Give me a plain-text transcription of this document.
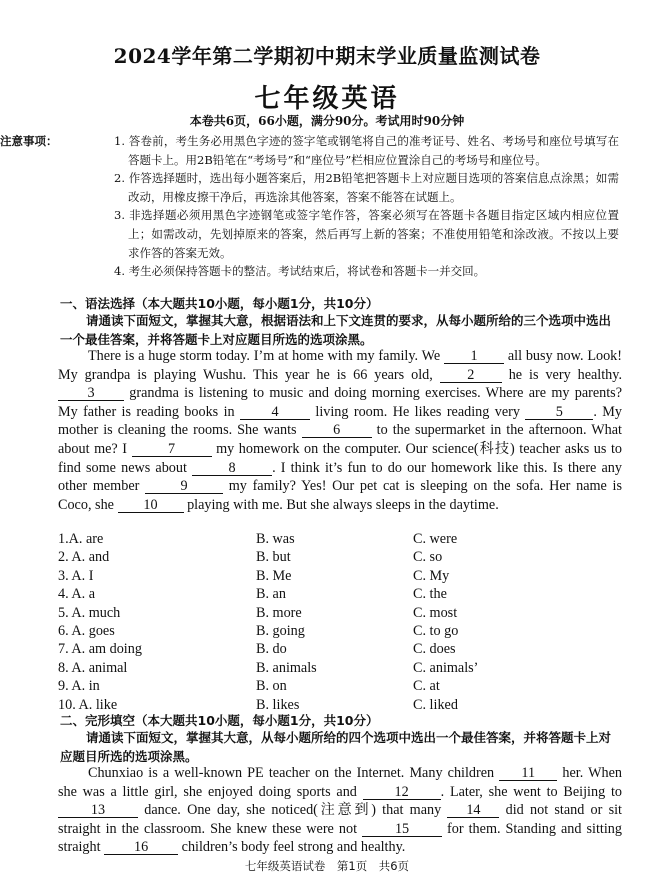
2024学年第二学期初中期末学业质量监测试卷
七年级英语
本卷共6页，66小题，满分90分。考试用时90分钟
注意事项：	1. 答卷前，考生务必用黑色字迹的签字笔或钢笔将自己的准考证号、姓名、考场号和座位号填写在答题卡上。用2B铅笔在“考场号”和“座位号”栏相应位置涂自己的考场号和座位号。
2. 作答选择题时，选出每小题答案后，用2B铅笔把答题卡上对应题目选项的答案信息点涂黑；如需改动，用橡皮擦干净后，再选涂其他答案，答案不能答在试题上。
3. 非选择题必须用黑色字迹钢笔或签字笔作答，答案必须写在答题卡各题目指定区域内相应位置上；如需改动，先划掉原来的答案，然后再写上新的答案；不准使用铅笔和涂改液。不按以上要求作答的答案无效。
4. 考生必须保持答题卡的整洁。考试结束后，将试卷和答题卡一并交回。
一、语法选择（本大题共10小题，每小题1分，共10分）
请通读下面短文，掌握其大意，根据语法和上下文连贯的要求，从每小题所给的三个选项中选出一个最佳答案，并将答题卡上对应题目所选的选项涂黑。

There is a huge storm today. I’m at home with my family. We 1 all busy now. Look! My grandpa is playing Wushu. This year he is 66 years old, 2 he is very healthy. 3 grandma is listening to music and doing morning exercises. Where are my parents? My father is reading books in 4 living room. He likes reading very 5 . My mother is cleaning the rooms. She wants 6 to the supermarket in the afternoon. What about me? I	7	my homework on the computer. Our science(科技) teacher asks us to find some news about	8	. I think it’s fun to do our homework like this. Is there any other member 9 my family? Yes! Our pet cat is sleeping on the sofa. Her name is Coco, she 10 playing with me. But she always sleeps in the daytime.

1.A. are	B. was	C. were
2. A. and	B. but	C. so
3. A. I	B. Me	C. My
4. A. a	B. an	C. the
5. A. much	B. more	C. most
6. A. goes	B. going	C. to go
7. A. am doing	B. do	C. does
8. A. animal	B. animals	C. animals’
9. A. in	B. on	C. at
10. A. like	B. likes	C. liked
二、完形填空（本大题共10小题，每小题1分，共10分）
请通读下面短文，掌握其大意，从每小题所给的四个选项中选出一个最佳答案，并将答题卡上对应题目所选的选项涂黑。

Chunxiao is a well-known PE teacher on the Internet. Many children 11 her. When she was a little girl, she enjoyed doing sports and 12 . Later, she went to Beijing to13 dance. One day, she noticed(注意到) that many 14 did not stand or sit straight in the classroom. She knew these were not 15 for them. Standing and sitting straight 16 children’s body feel strong and healthy.

七年级英语试卷　第1页　共6页
